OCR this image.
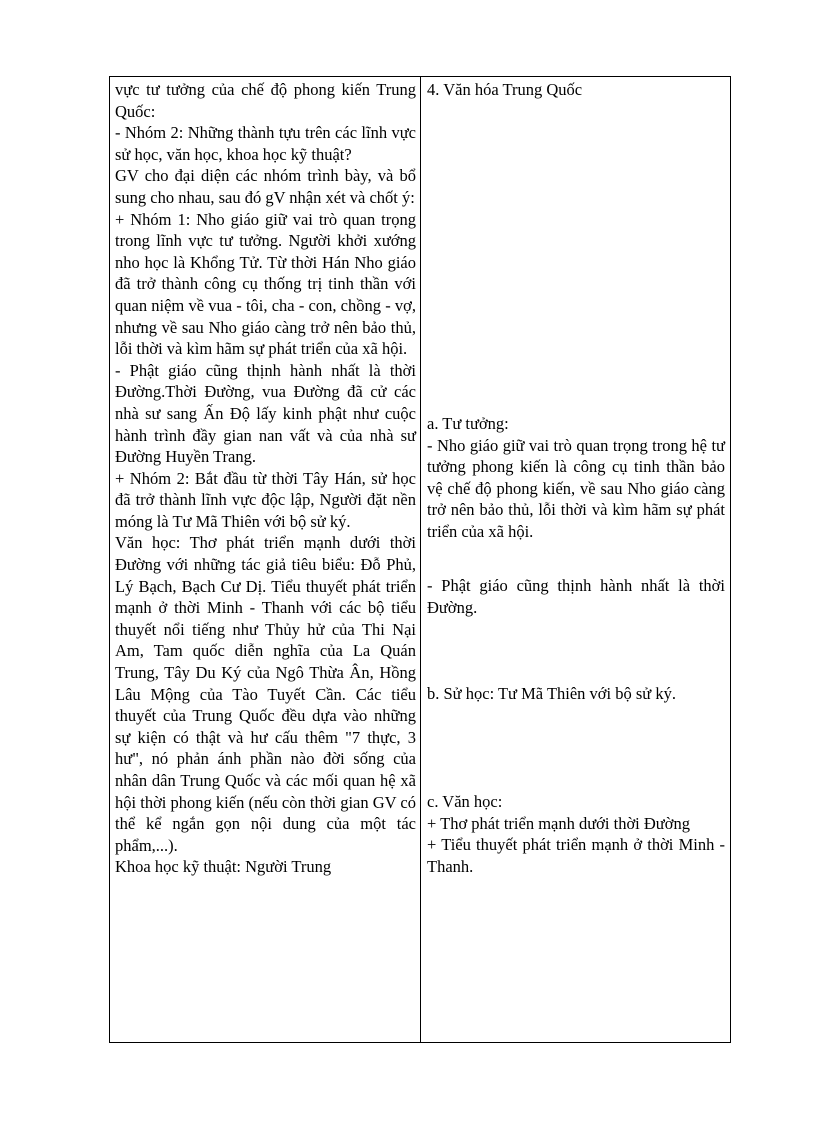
vực tư tưởng của chế độ phong kiến Trung Quốc:

- Nhóm 2: Những thành tựu trên các lĩnh vực sử học, văn học, khoa học kỹ thuật?

GV cho đại diện các nhóm trình bày, và bổ sung cho nhau, sau đó gV nhận xét và chốt ý:

+ Nhóm 1: Nho giáo giữ vai trò quan trọng trong lĩnh vực tư tưởng. Người khởi xướng nho học là Khổng Tử. Từ thời Hán Nho giáo đã trở thành công cụ thống trị tinh thần với quan niệm về vua - tôi, cha - con, chồng - vợ, nhưng về sau Nho giáo càng trở nên bảo thủ, lỗi thời và kìm hãm sự phát triển của xã hội.

- Phật giáo cũng thịnh hành nhất là thời Đường.Thời Đường, vua Đường đã cử các nhà sư sang Ấn Độ lấy kinh phật như cuộc hành trình đầy gian nan vất và của nhà sư Đường Huyền Trang.

+ Nhóm 2: Bắt đầu từ thời Tây Hán, sử học đã trở thành lĩnh vực độc lập, Người đặt nền móng là Tư Mã Thiên với bộ sử ký.

Văn học: Thơ phát triển mạnh dưới thời Đường với những tác giả tiêu biểu: Đỗ Phủ, Lý Bạch, Bạch Cư Dị. Tiểu thuyết phát triển mạnh ở thời Minh - Thanh với các bộ tiểu thuyết nổi tiếng như Thủy hử của Thi Nại Am, Tam quốc diễn nghĩa của La Quán Trung, Tây Du Ký của Ngô Thừa Ân, Hồng Lâu Mộng của Tào Tuyết Cần. Các tiểu thuyết của Trung Quốc đều dựa vào những sự kiện có thật và hư cấu thêm "7 thực, 3 hư", nó phản ánh phần nào đời sống của nhân dân Trung Quốc và các mối quan hệ xã hội thời phong kiến (nếu còn thời gian GV có thể kể ngắn gọn nội dung của một tác phẩm,...).

Khoa học kỹ thuật: Người Trung

4. Văn hóa Trung Quốc

a. Tư tưởng:
- Nho giáo giữ vai trò quan trọng trong hệ tư tưởng phong kiến là công cụ tinh thần bảo vệ chế độ phong kiến, về sau Nho giáo càng trở nên bảo thủ, lỗi thời và kìm hãm sự phát triển của xã hội.

- Phật giáo cũng thịnh hành nhất là thời Đường.

b. Sử học: Tư Mã Thiên với bộ sử ký.

c. Văn học:
+ Thơ phát triển mạnh dưới thời Đường
+ Tiểu thuyết phát triển mạnh ở thời Minh - Thanh.
